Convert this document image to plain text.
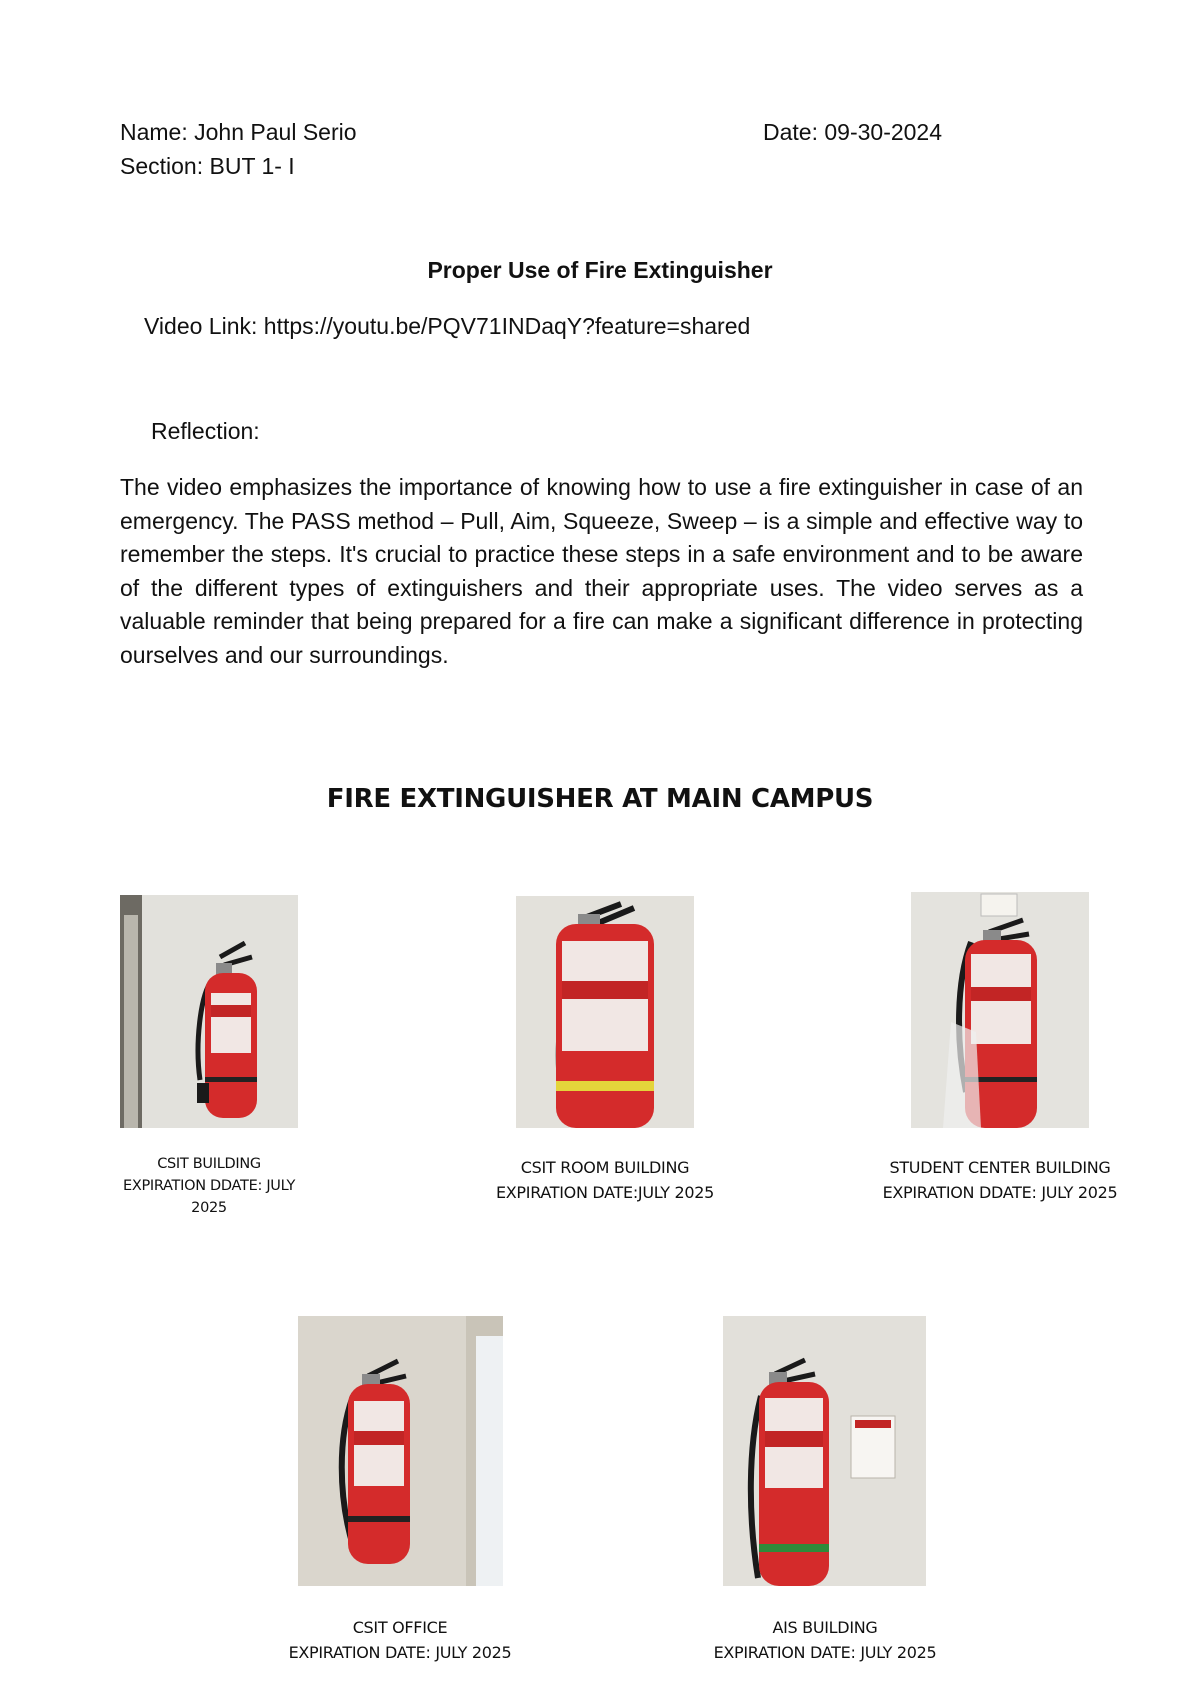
Name: John Paul Serio
Section: BUT 1- I
Date: 09-30-2024
Proper Use of Fire Extinguisher
Video Link: https://youtu.be/PQV71INDaqY?feature=shared
Reflection:
The video emphasizes the importance of knowing how to use a fire extinguisher in case of an emergency. The PASS method – Pull, Aim, Squeeze, Sweep – is a simple and effective way to remember the steps. It's crucial to practice these steps in a safe environment and to be aware of the different types of extinguishers and their appropriate uses. The video serves as a valuable reminder that being prepared for a fire can make a significant difference in protecting ourselves and our surroundings.
FIRE EXTINGUISHER AT MAIN CAMPUS
CSIT BUILDING
EXPIRATION DDATE: JULY 2025
CSIT ROOM BUILDING
EXPIRATION DATE:JULY 2025
STUDENT CENTER BUILDING
EXPIRATION DDATE: JULY 2025
CSIT OFFICE
EXPIRATION DATE: JULY 2025
AIS BUILDING
EXPIRATION DATE: JULY 2025
